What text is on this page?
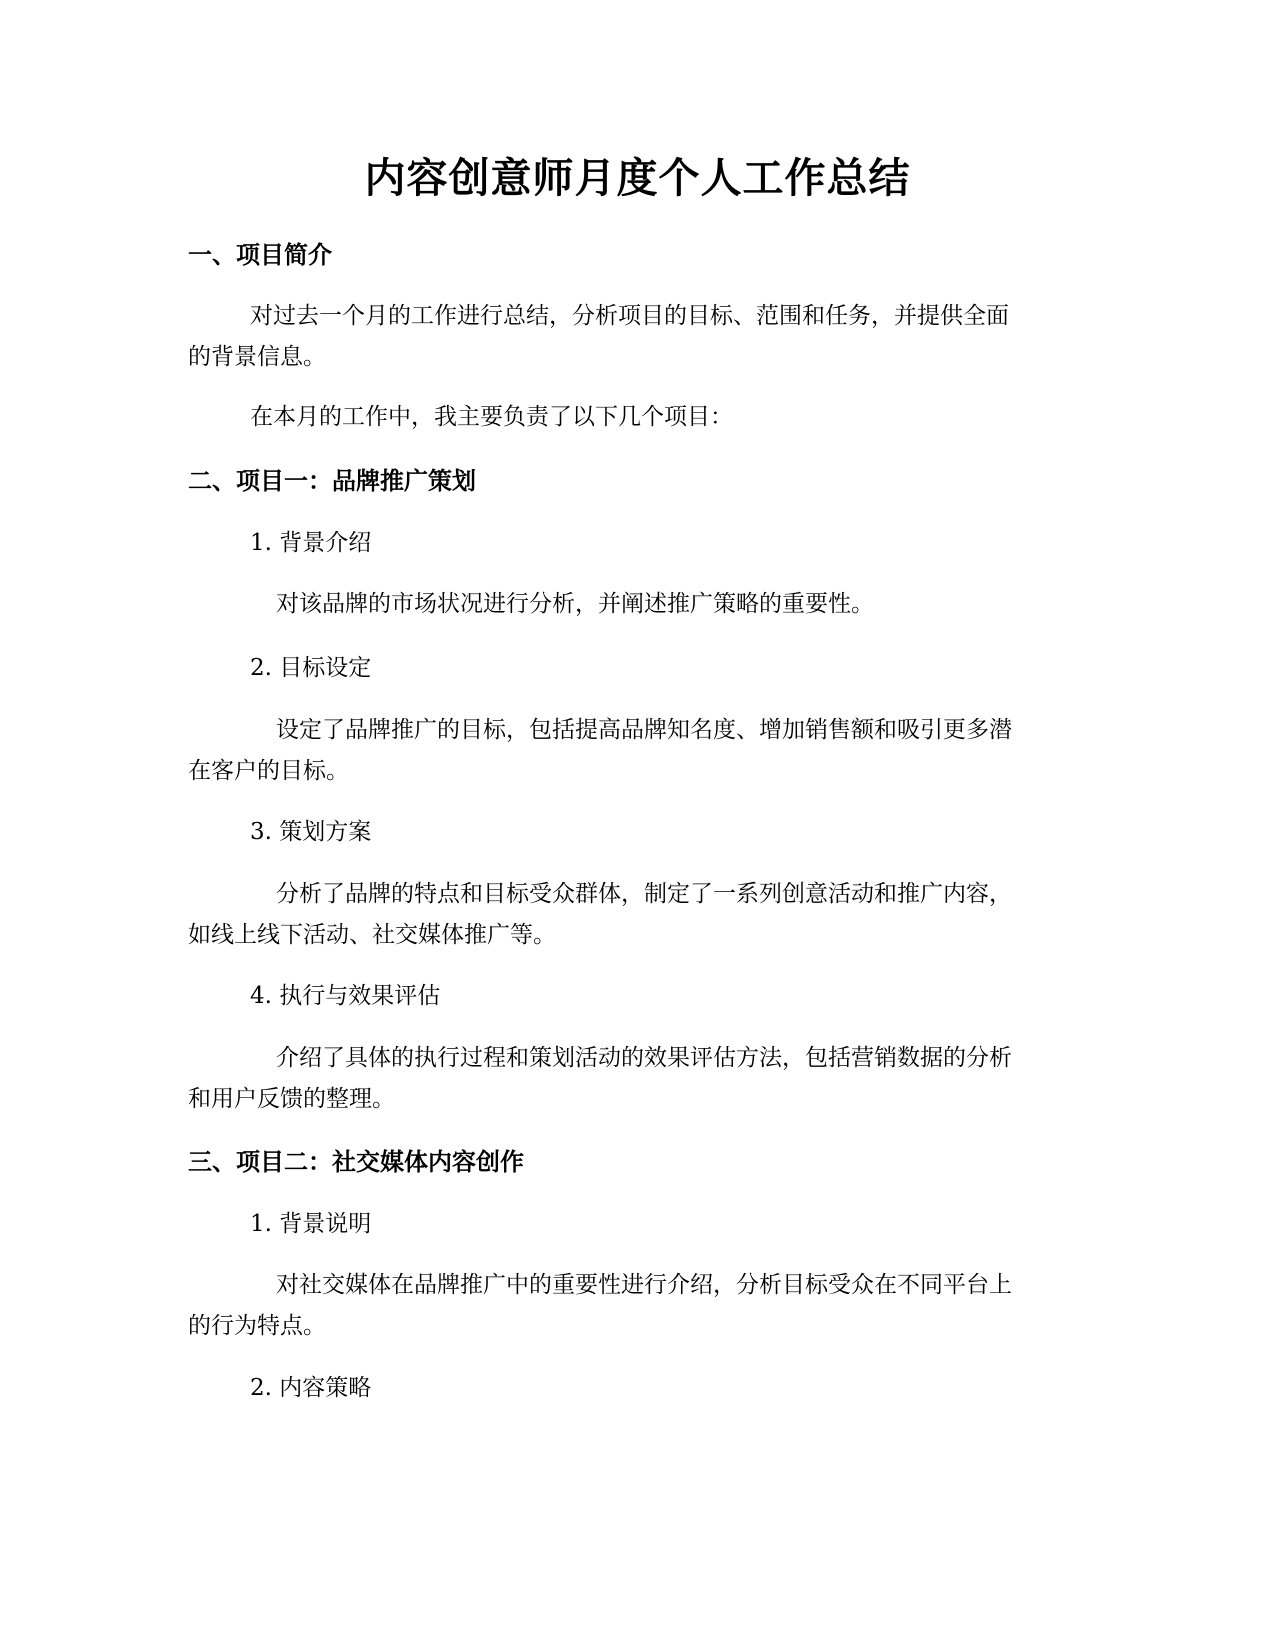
内容创意师月度个人工作总结
一、项目简介

对过去一个月的工作进行总结，分析项目的目标、范围和任务，并提供全面
的背景信息。

在本月的工作中，我主要负责了以下几个项目：

二、项目一：品牌推广策划

1. 背景介绍

对该品牌的市场状况进行分析，并阐述推广策略的重要性。

2. 目标设定

设定了品牌推广的目标，包括提高品牌知名度、增加销售额和吸引更多潜
在客户的目标。

3. 策划方案

分析了品牌的特点和目标受众群体，制定了一系列创意活动和推广内容，
如线上线下活动、社交媒体推广等。

4. 执行与效果评估

介绍了具体的执行过程和策划活动的效果评估方法，包括营销数据的分析
和用户反馈的整理。

三、项目二：社交媒体内容创作

1. 背景说明

对社交媒体在品牌推广中的重要性进行介绍，分析目标受众在不同平台上
的行为特点。

2. 内容策略
